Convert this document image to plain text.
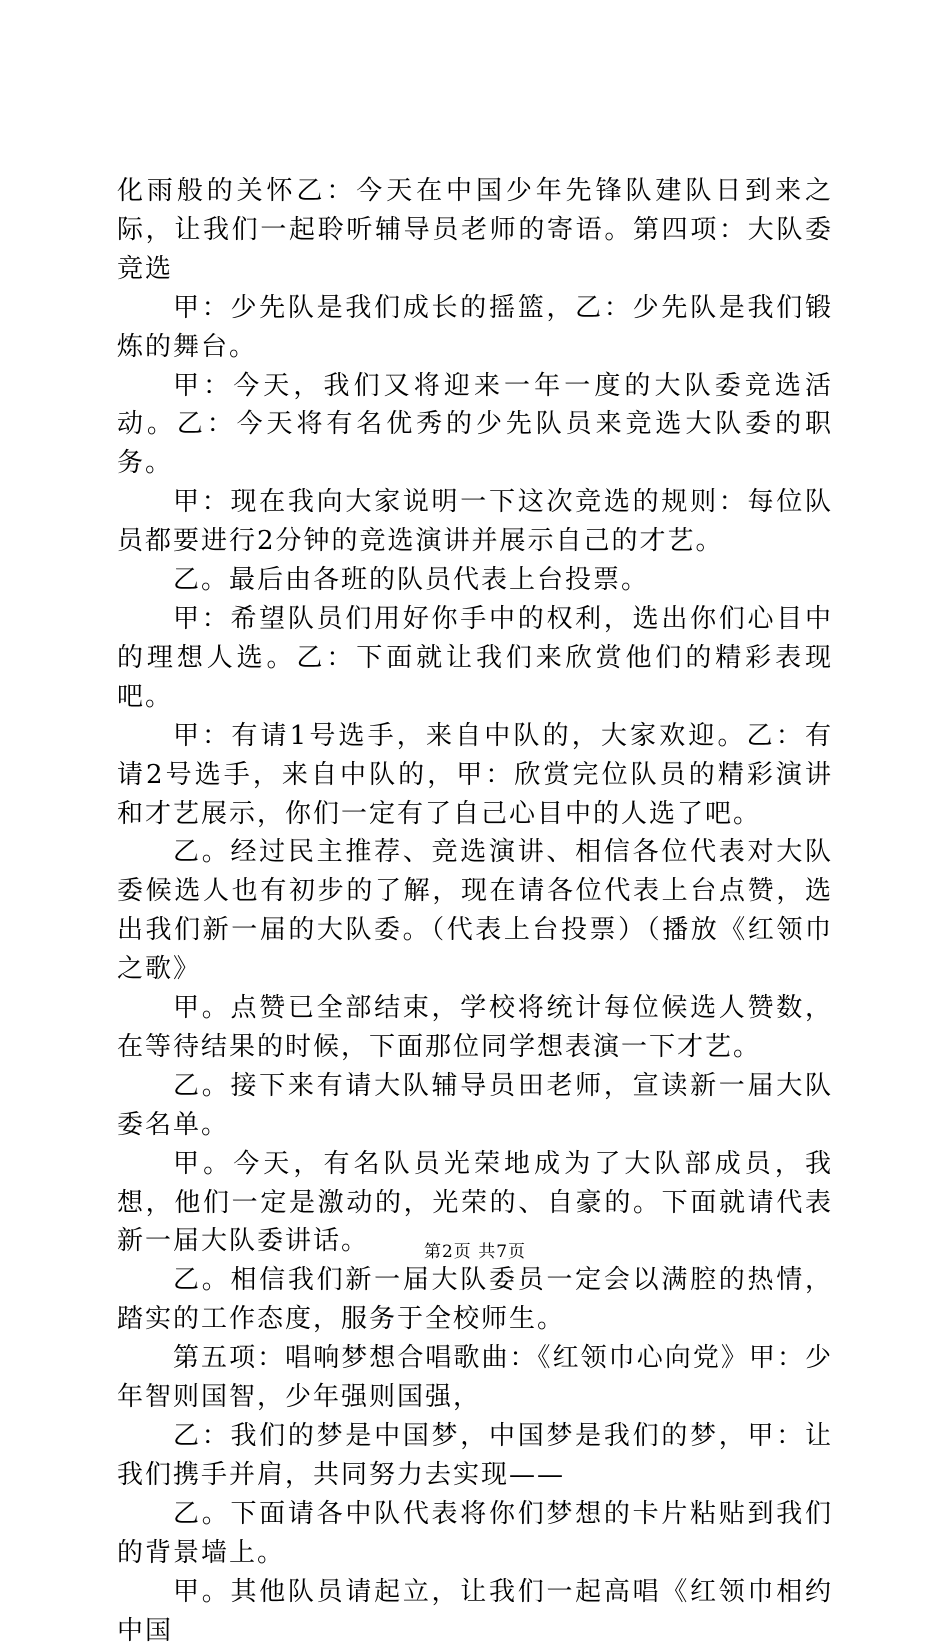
化雨般的关怀乙：今天在中国少年先锋队建队日到来之际，让我们一起聆听辅导员老师的寄语。第四项：大队委竞选

甲：少先队是我们成长的摇篮，乙：少先队是我们锻炼的舞台。

甲：今天，我们又将迎来一年一度的大队委竞选活动。乙：今天将有名优秀的少先队员来竞选大队委的职务。

甲：现在我向大家说明一下这次竞选的规则：每位队员都要进行2分钟的竞选演讲并展示自己的才艺。

乙。最后由各班的队员代表上台投票。

甲：希望队员们用好你手中的权利，选出你们心目中的理想人选。乙：下面就让我们来欣赏他们的精彩表现吧。

甲：有请1号选手，来自中队的，大家欢迎。乙：有请2号选手，来自中队的，甲：欣赏完位队员的精彩演讲和才艺展示，你们一定有了自己心目中的人选了吧。

乙。经过民主推荐、竞选演讲、相信各位代表对大队委候选人也有初步的了解，现在请各位代表上台点赞，选出我们新一届的大队委。（代表上台投票）（播放《红领巾之歌》

甲。点赞已全部结束，学校将统计每位候选人赞数，在等待结果的时候，下面那位同学想表演一下才艺。

乙。接下来有请大队辅导员田老师，宣读新一届大队委名单。

甲。今天，有名队员光荣地成为了大队部成员，我想，他们一定是激动的，光荣的、自豪的。下面就请代表新一届大队委讲话。

乙。相信我们新一届大队委员一定会以满腔的热情，踏实的工作态度，服务于全校师生。

第五项：唱响梦想合唱歌曲：《红领巾心向党》甲：少年智则国智，少年强则国强，

乙：我们的梦是中国梦，中国梦是我们的梦，甲：让我们携手并肩，共同努力去实现——

乙。下面请各中队代表将你们梦想的卡片粘贴到我们的背景墙上。

甲。其他队员请起立，让我们一起高唱《红领巾相约中国

第2页 共7页
